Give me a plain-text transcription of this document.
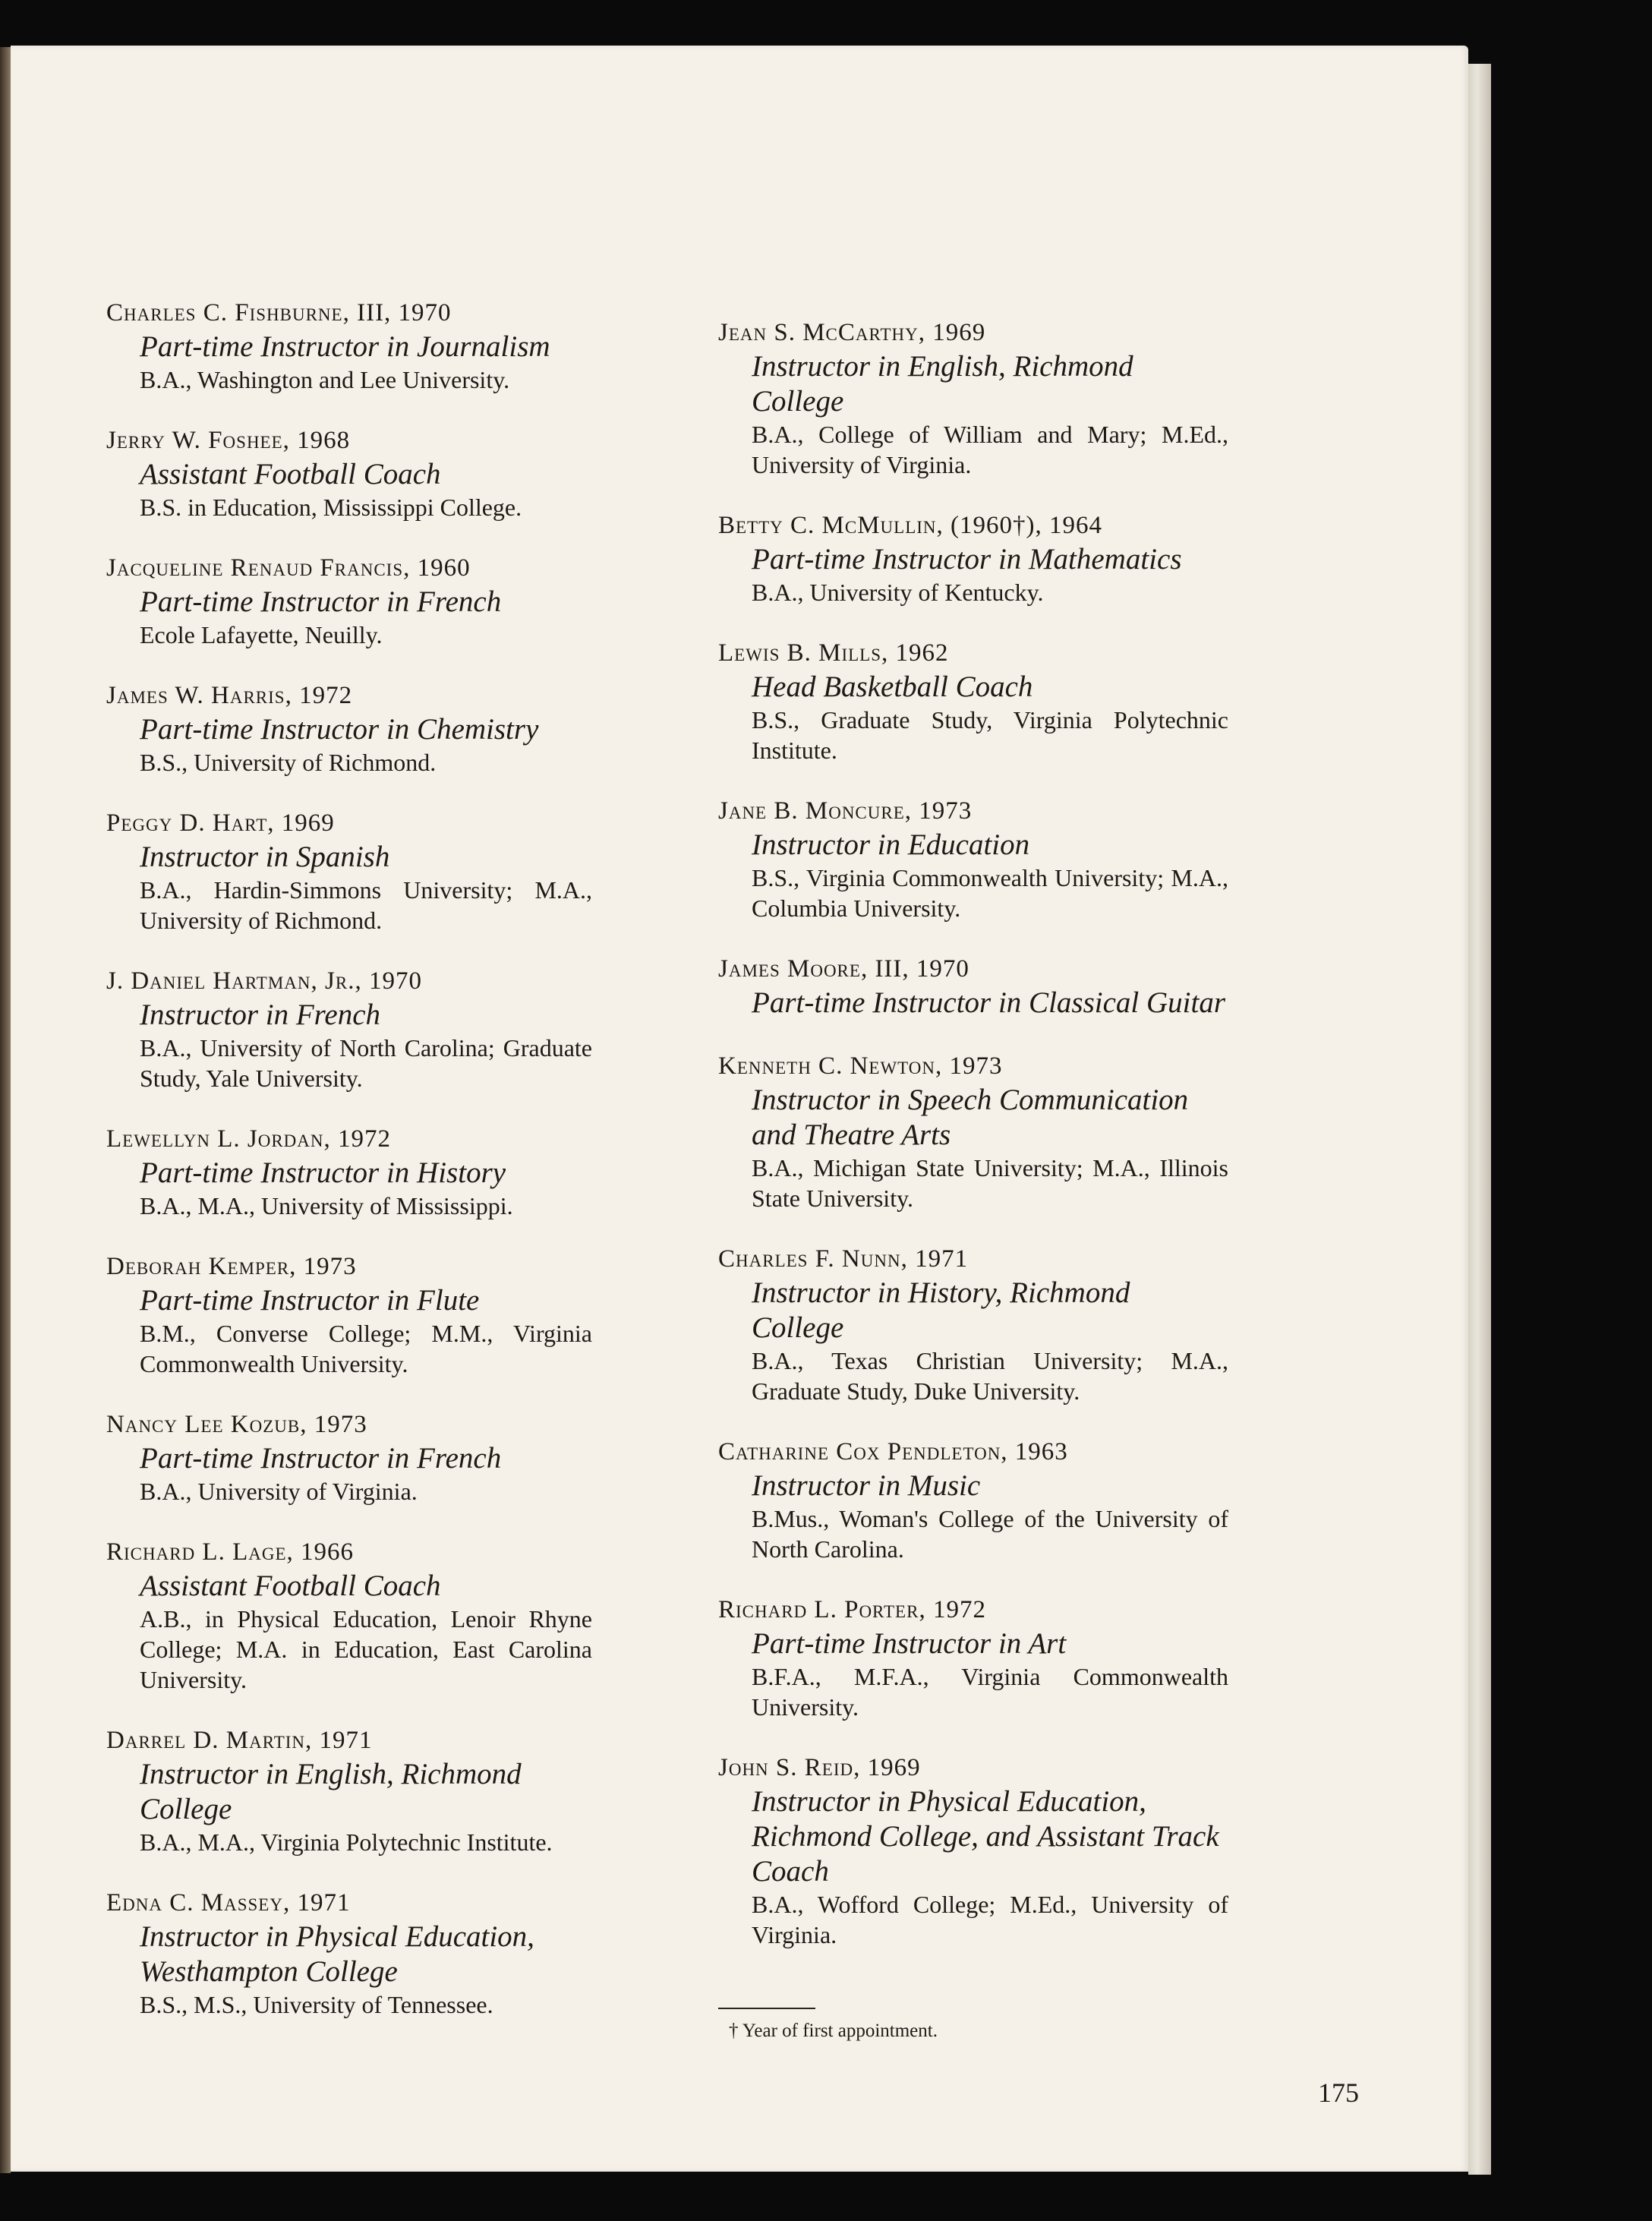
Charles C. Fishburne, III, 1970
Part-time Instructor in Journalism
B.A., Washington and Lee University.
Jerry W. Foshee, 1968
Assistant Football Coach
B.S. in Education, Mississippi College.
Jacqueline Renaud Francis, 1960
Part-time Instructor in French
Ecole Lafayette, Neuilly.
James W. Harris, 1972
Part-time Instructor in Chemistry
B.S., University of Richmond.
Peggy D. Hart, 1969
Instructor in Spanish
B.A., Hardin-Simmons University; M.A., University of Richmond.
J. Daniel Hartman, Jr., 1970
Instructor in French
B.A., University of North Carolina; Graduate Study, Yale University.
Lewellyn L. Jordan, 1972
Part-time Instructor in History
B.A., M.A., University of Mississippi.
Deborah Kemper, 1973
Part-time Instructor in Flute
B.M., Converse College; M.M., Virginia Commonwealth University.
Nancy Lee Kozub, 1973
Part-time Instructor in French
B.A., University of Virginia.
Richard L. Lage, 1966
Assistant Football Coach
A.B., in Physical Education, Lenoir Rhyne College; M.A. in Education, East Carolina University.
Darrel D. Martin, 1971
Instructor in English, Richmond College
B.A., M.A., Virginia Polytechnic Institute.
Edna C. Massey, 1971
Instructor in Physical Education, Westhampton College
B.S., M.S., University of Tennessee.
Jean S. McCarthy, 1969
Instructor in English, Richmond College
B.A., College of William and Mary; M.Ed., University of Virginia.
Betty C. McMullin, (1960†), 1964
Part-time Instructor in Mathematics
B.A., University of Kentucky.
Lewis B. Mills, 1962
Head Basketball Coach
B.S., Graduate Study, Virginia Polytechnic Institute.
Jane B. Moncure, 1973
Instructor in Education
B.S., Virginia Commonwealth University; M.A., Columbia University.
James Moore, III, 1970
Part-time Instructor in Classical Guitar
Kenneth C. Newton, 1973
Instructor in Speech Communication and Theatre Arts
B.A., Michigan State University; M.A., Illinois State University.
Charles F. Nunn, 1971
Instructor in History, Richmond College
B.A., Texas Christian University; M.A., Graduate Study, Duke University.
Catharine Cox Pendleton, 1963
Instructor in Music
B.Mus., Woman's College of the University of North Carolina.
Richard L. Porter, 1972
Part-time Instructor in Art
B.F.A., M.F.A., Virginia Commonwealth University.
John S. Reid, 1969
Instructor in Physical Education, Richmond College, and Assistant Track Coach
B.A., Wofford College; M.Ed., University of Virginia.
† Year of first appointment.
175
